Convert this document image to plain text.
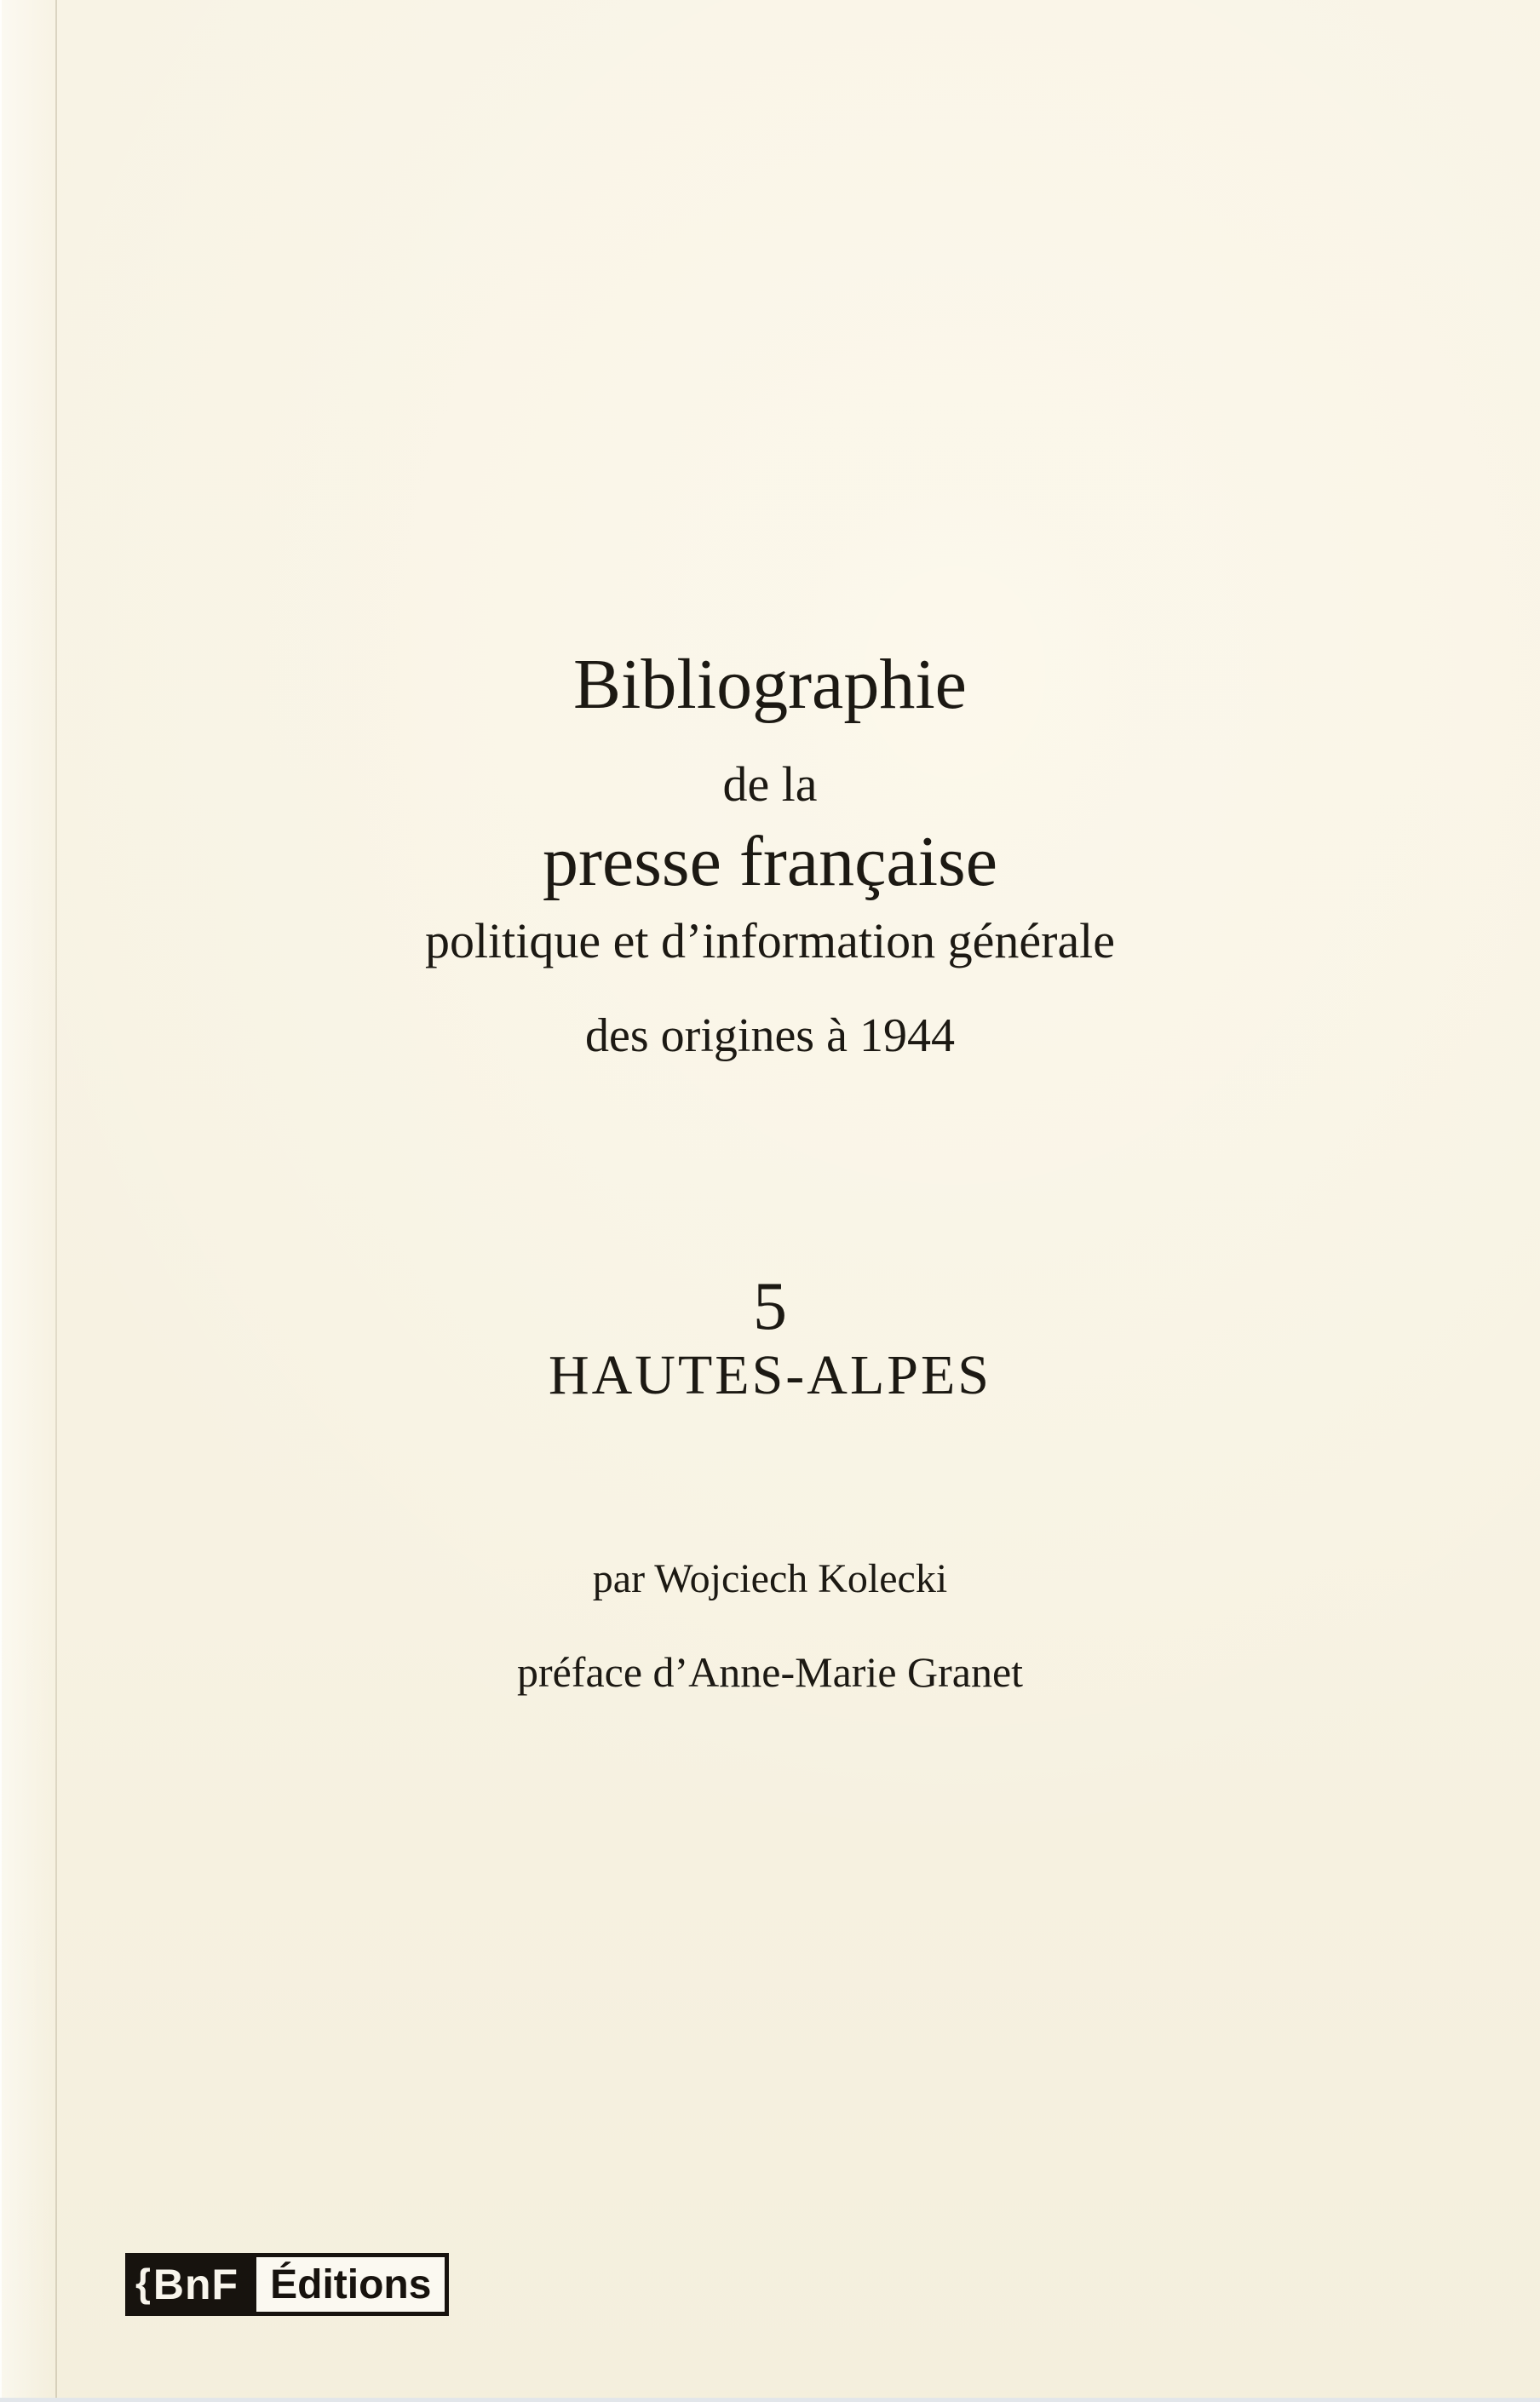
Bibliographie
de la
presse française
politique et d’information générale
des origines à 1944
5
HAUTES-ALPES
par Wojciech Kolecki
préface d’Anne-Marie Granet
{ BnF Éditions
